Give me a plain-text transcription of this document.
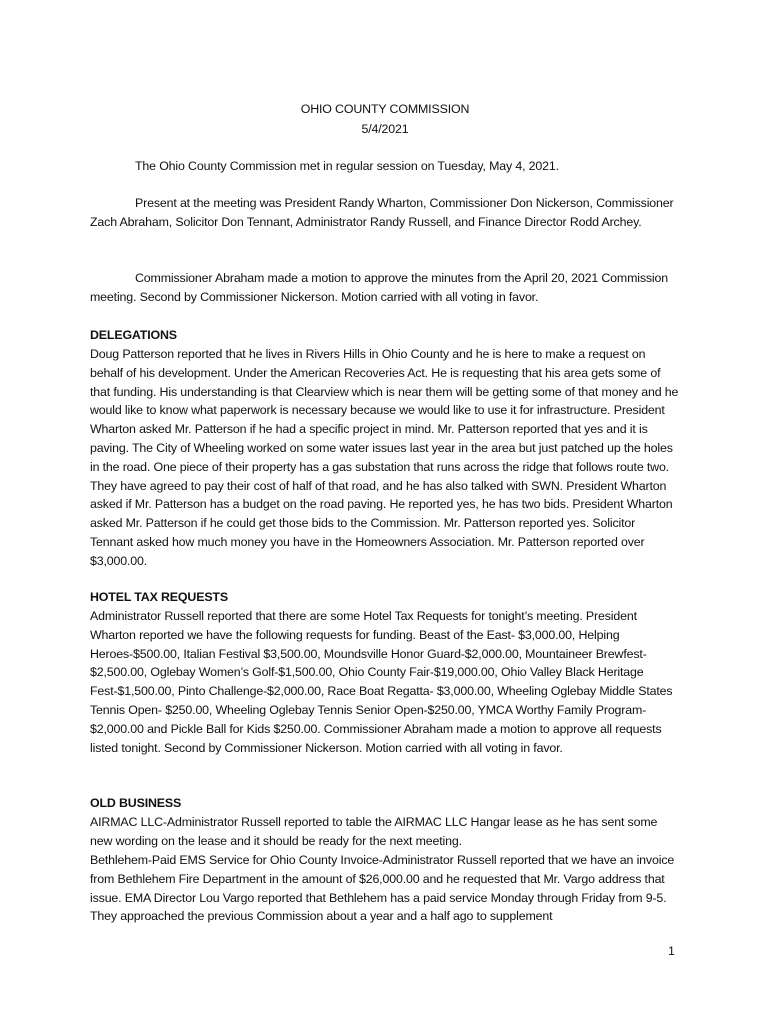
OHIO COUNTY COMMISSION
5/4/2021
The Ohio County Commission met in regular session on Tuesday, May 4, 2021.
Present at the meeting was President Randy Wharton, Commissioner Don Nickerson, Commissioner Zach Abraham, Solicitor Don Tennant, Administrator Randy Russell, and Finance Director Rodd Archey.
Commissioner Abraham made a motion to approve the minutes from the April 20, 2021 Commission meeting. Second by Commissioner Nickerson. Motion carried with all voting in favor.
DELEGATIONS
Doug Patterson reported that he lives in Rivers Hills in Ohio County and he is here to make a request on behalf of his development. Under the American Recoveries Act. He is requesting that his area gets some of that funding. His understanding is that Clearview which is near them will be getting some of that money and he would like to know what paperwork is necessary because we would like to use it for infrastructure. President Wharton asked Mr. Patterson if he had a specific project in mind. Mr. Patterson reported that yes and it is paving. The City of Wheeling worked on some water issues last year in the area but just patched up the holes in the road. One piece of their property has a gas substation that runs across the ridge that follows route two. They have agreed to pay their cost of half of that road, and he has also talked with SWN. President Wharton asked if Mr. Patterson has a budget on the road paving. He reported yes, he has two bids. President Wharton asked Mr. Patterson if he could get those bids to the Commission. Mr. Patterson reported yes. Solicitor Tennant asked how much money you have in the Homeowners Association. Mr. Patterson reported over $3,000.00.
HOTEL TAX REQUESTS
Administrator Russell reported that there are some Hotel Tax Requests for tonight’s meeting. President Wharton reported we have the following requests for funding. Beast of the East- $3,000.00, Helping Heroes-$500.00, Italian Festival $3,500.00, Moundsville Honor Guard-$2,000.00, Mountaineer Brewfest- $2,500.00, Oglebay Women’s Golf-$1,500.00, Ohio County Fair-$19,000.00, Ohio Valley Black Heritage Fest-$1,500.00, Pinto Challenge-$2,000.00, Race Boat Regatta- $3,000.00, Wheeling Oglebay Middle States Tennis Open- $250.00, Wheeling Oglebay Tennis Senior Open-$250.00, YMCA Worthy Family Program- $2,000.00 and Pickle Ball for Kids $250.00. Commissioner Abraham made a motion to approve all requests listed tonight. Second by Commissioner Nickerson. Motion carried with all voting in favor.
OLD BUSINESS
AIRMAC LLC-Administrator Russell reported to table the AIRMAC LLC Hangar lease as he has sent some new wording on the lease and it should be ready for the next meeting.
Bethlehem-Paid EMS Service for Ohio County Invoice-Administrator Russell reported that we have an invoice from Bethlehem Fire Department in the amount of $26,000.00 and he requested that Mr. Vargo address that issue. EMA Director Lou Vargo reported that Bethlehem has a paid service Monday through Friday from 9-5. They approached the previous Commission about a year and a half ago to supplement
1
